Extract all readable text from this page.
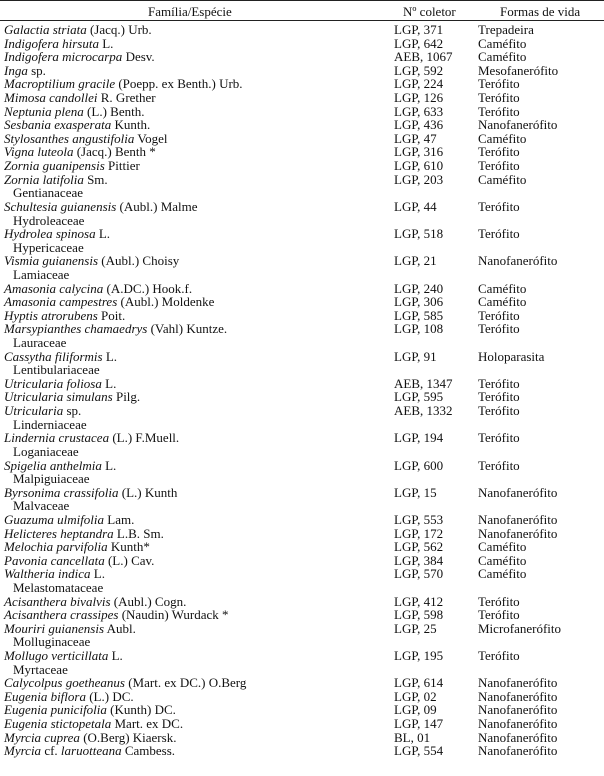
Família/Espécie	Nº coletor	Formas de vida
Galactia striata (Jacq.) Urb.	LGP, 371	Trepadeira
Indigofera hirsuta L.	LGP, 642	Caméfito
Indigofera microcarpa Desv.	AEB, 1067 Caméfito
Inga sp.	LGP, 592	Mesofanerófito
Macroptilium gracile (Poepp. ex Benth.) Urb.	LGP, 224	Terófito
Mimosa candollei R. Grether	LGP, 126	Terófito
Neptunia plena (L.) Benth.	LGP, 633	Terófito
Sesbania exasperata Kunth.	LGP, 436	Nanofanerófito
Stylosanthes angustifolia Vogel	LGP, 47	Caméfito
Vigna luteola (Jacq.) Benth *	LGP, 316	Terófito
Zornia guanipensis Pittier	LGP, 610	Terófito
Zornia latifolia Sm.	LGP, 203	Caméfito
Gentianaceae
Schultesia guianensis (Aubl.) Malme	LGP, 44	Terófito
Hydroleaceae
Hydrolea spinosa L.	LGP, 518	Terófito
Hypericaceae
Vismia guianensis (Aubl.) Choisy	LGP, 21	Nanofanerófito
Lamiaceae
Amasonia calycina (A.DC.) Hook.f.	LGP, 240	Caméfito
Amasonia campestres (Aubl.) Moldenke	LGP, 306	Caméfito
Hyptis atrorubens Poit.	LGP, 585	Terófito
Marsypianthes chamaedrys (Vahl) Kuntze.	LGP, 108	Terófito
Lauraceae
Cassytha filiformis L.	LGP, 91	Holoparasita
Lentibulariaceae
Utricularia foliosa L.	AEB, 1347 Terófito
Utricularia simulans Pilg.	LGP, 595	Terófito
Utricularia sp.	AEB, 1332 Terófito
Linderniaceae
Lindernia crustacea (L.) F.Muell.	LGP, 194	Terófito
Loganiaceae
Spigelia anthelmia L.	LGP, 600	Terófito
Malpiguiaceae
Byrsonima crassifolia (L.) Kunth	LGP, 15	Nanofanerófito
Malvaceae
Guazuma ulmifolia Lam.	LGP, 553	Nanofanerófito
Helicteres heptandra L.B. Sm.	LGP, 172	Nanofanerófito
Melochia parvifolia Kunth*	LGP, 562	Caméfito
Pavonia cancellata (L.) Cav.	LGP, 384	Caméfito
Waltheria indica L.	LGP, 570	Caméfito
Melastomataceae
Acisanthera bivalvis (Aubl.) Cogn.	LGP, 412	Terófito
Acisanthera crassipes (Naudin) Wurdack *	LGP, 598	Terófito
Mouriri guianensis Aubl.	LGP, 25	Microfanerófito
Molluginaceae
Mollugo verticillata L.	LGP, 195	Terófito
Myrtaceae
Calycolpus goetheanus (Mart. ex DC.) O.Berg	LGP, 614	Nanofanerófito
Eugenia biflora (L.) DC.	LGP, 02	Nanofanerófito
Eugenia punicifolia (Kunth) DC.	LGP, 09	Nanofanerófito
Eugenia stictopetala Mart. ex DC.	LGP, 147	Nanofanerófito
Myrcia cuprea (O.Berg) Kiaersk.	BL, 01	Nanofanerófito
Myrcia cf. laruotteana Cambess.	LGP, 554	Nanofanerófito
